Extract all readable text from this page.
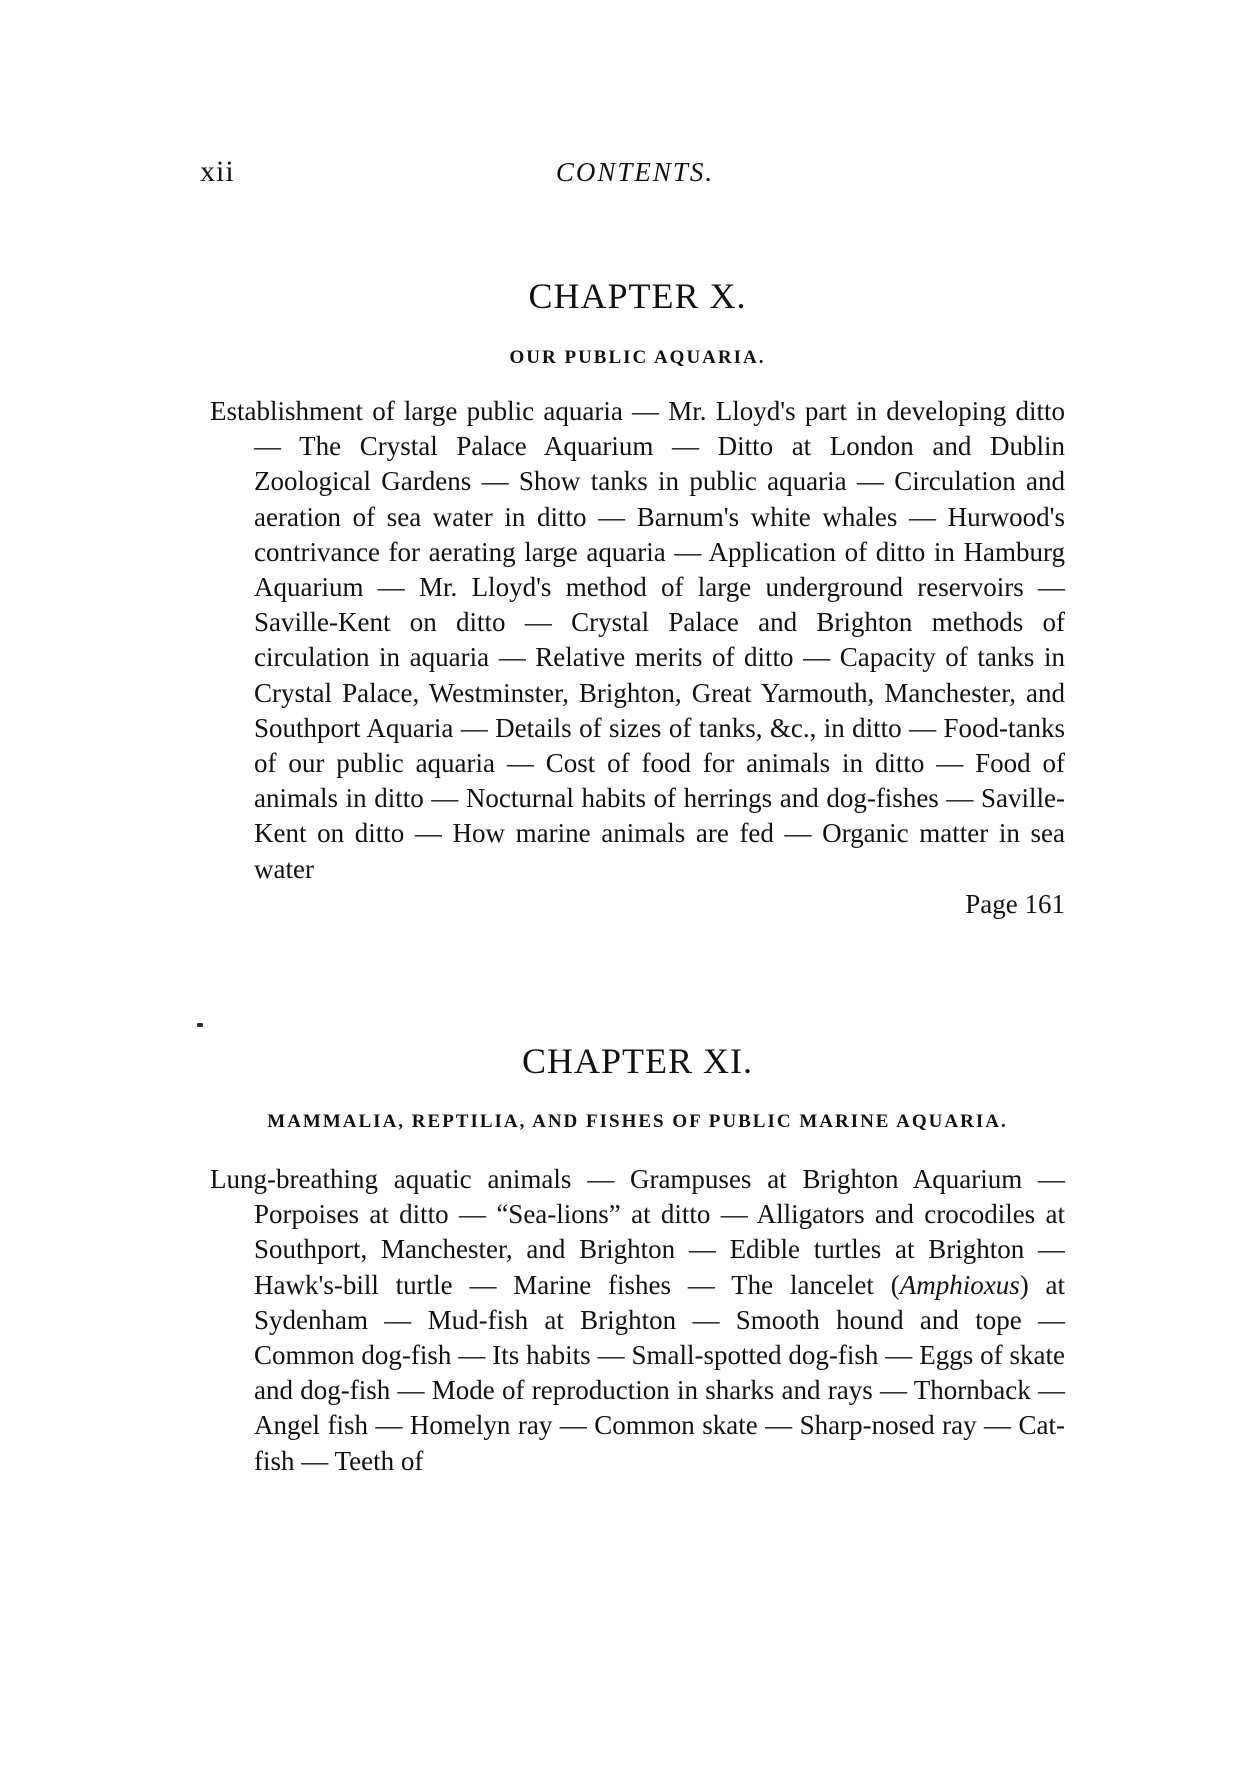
xii	CONTENTS.
CHAPTER X.

OUR PUBLIC AQUARIA.

Establishment of large public aquaria — Mr. Lloyd's part in developing ditto — The Crystal Palace Aquarium — Ditto at London and Dublin Zoological Gardens — Show tanks in public aquaria — Circulation and aeration of sea water in ditto — Barnum's white whales — Hurwood's contrivance for aerating large aquaria — Application of ditto in Hamburg Aquarium — Mr. Lloyd's method of large underground reservoirs — Saville-Kent on ditto — Crystal Palace and Brighton methods of circulation in aquaria — Relative merits of ditto — Capacity of tanks in Crystal Palace, Westminster, Brighton, Great Yarmouth, Manchester, and Southport Aquaria — Details of sizes of tanks, &c., in ditto — Food-tanks of our public aquaria — Cost of food for animals in ditto — Food of animals in ditto — Nocturnal habits of herrings and dog-fishes — Saville-Kent on ditto — How marine animals are fed — Organic matter in sea water

Page 161

CHAPTER XI.

MAMMALIA, REPTILIA, AND FISHES OF PUBLIC MARINE AQUARIA.

Lung-breathing aquatic animals — Grampuses at Brighton Aquarium — Porpoises at ditto — “Sea-lions” at ditto — Alligators and crocodiles at Southport, Manchester, and Brighton — Edible turtles at Brighton — Hawk's-bill turtle — Marine fishes — The lancelet (Amphioxus) at Sydenham — Mud-fish at Brighton — Smooth hound and tope — Common dog-fish — Its habits — Small-spotted dog-fish — Eggs of skate and dog-fish — Mode of reproduction in sharks and rays — Thornback — Angel fish — Homelyn ray — Common skate — Sharp-nosed ray — Cat-fish — Teeth of
